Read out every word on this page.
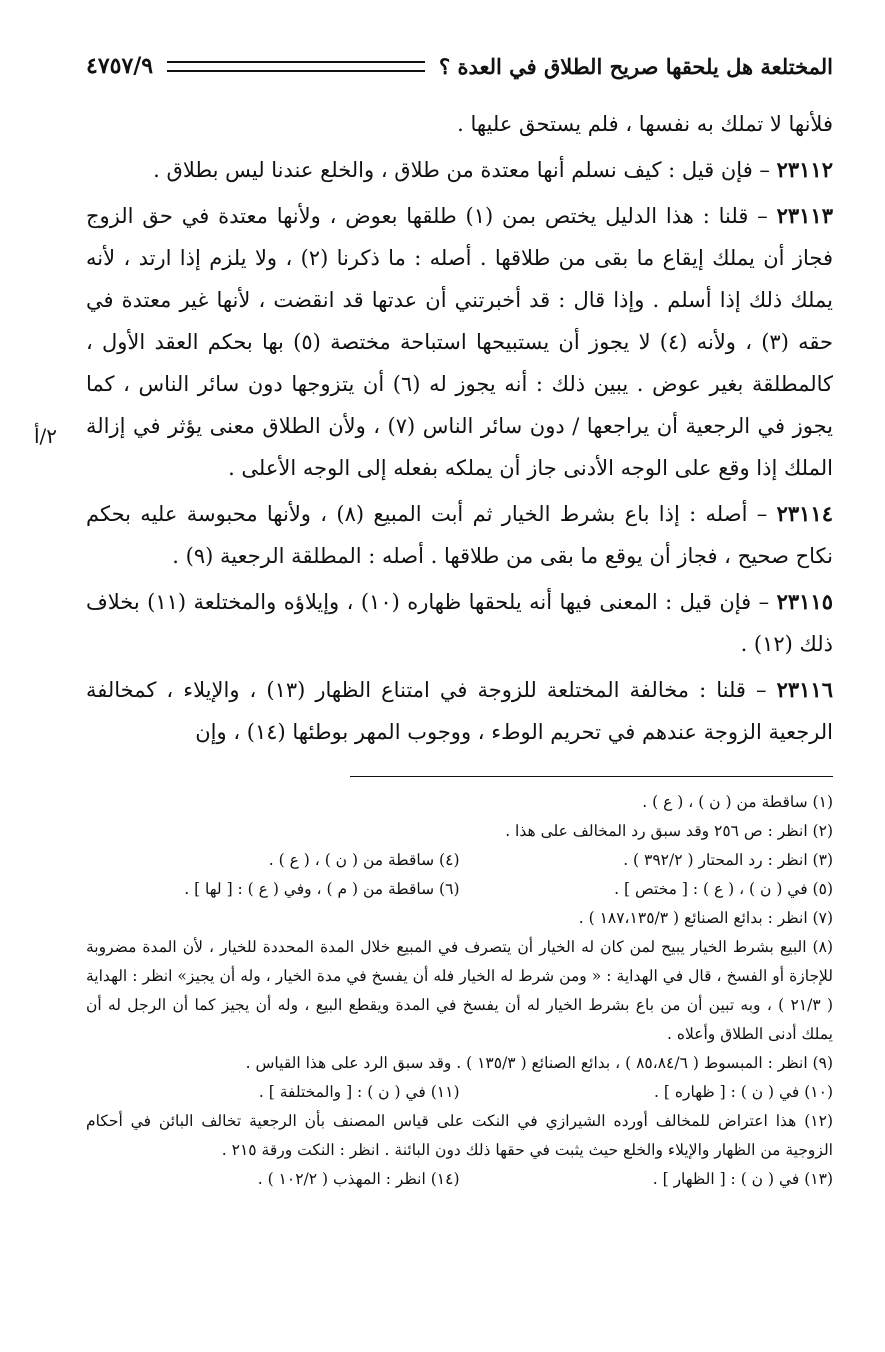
المختلعة هل يلحقها صريح الطلاق في العدة ؟
٤٧٥٧/٩
٢/أ

فلأنها لا تملك به نفسها ، فلم يستحق عليها .

٢٣١١٢ – فإن قيل : كيف نسلم أنها معتدة من طلاق ، والخلع عندنا ليس بطلاق .

٢٣١١٣ – قلنا : هذا الدليل يختص بمن (١) طلقها بعوض ، ولأنها معتدة في حق الزوج فجاز أن يملك إيقاع ما بقى من طلاقها . أصله : ما ذكرنا (٢) ، ولا يلزم إذا ارتد ، لأنه يملك ذلك إذا أسلم . وإذا قال : قد أخبرتني أن عدتها قد انقضت ، لأنها غير معتدة في حقه (٣) ، ولأنه (٤) لا يجوز أن يستبيحها استباحة مختصة (٥) بها بحكم العقد الأول ، كالمطلقة بغير عوض . يبين ذلك : أنه يجوز له (٦) أن يتزوجها دون سائر الناس ، كما يجوز في الرجعية أن يراجعها / دون سائر الناس (٧) ، ولأن الطلاق معنى يؤثر في إزالة الملك إذا وقع على الوجه الأدنى جاز أن يملكه بفعله إلى الوجه الأعلى .

٢٣١١٤ – أصله : إذا باع بشرط الخيار ثم أبت المبيع (٨) ، ولأنها محبوسة عليه بحكم نكاح صحيح ، فجاز أن يوقع ما بقى من طلاقها . أصله : المطلقة الرجعية (٩) .

٢٣١١٥ – فإن قيل : المعنى فيها أنه يلحقها ظهاره (١٠) ، وإيلاؤه والمختلعة (١١) بخلاف ذلك (١٢) .

٢٣١١٦ – قلنا : مخالفة المختلعة للزوجة في امتناع الظهار (١٣) ، والإيلاء ، كمخالفة الرجعية الزوجة عندهم في تحريم الوطء ، ووجوب المهر بوطئها (١٤) ، وإن

(١) ساقطة من ( ن ) ، ( ع ) .
(٢) انظر : ص ٢٥٦ وقد سبق رد المخالف على هذا .
(٣) انظر : رد المحتار ( ٣٩٢/٢ ) .
(٤) ساقطة من ( ن ) ، ( ع ) .
(٥) في ( ن ) ، ( ع ) : [ مختص ] .
(٦) ساقطة من ( م ) ، وفي ( ع ) : [ لها ] .
(٧) انظر : بدائع الصنائع ( ١٨٧،١٣٥/٣ ) .
(٨) البيع بشرط الخيار يبيح لمن كان له الخيار أن يتصرف في المبيع خلال المدة المحددة للخيار ، لأن المدة مضروبة للإجازة أو الفسخ ، قال في الهداية : « ومن شرط له الخيار فله أن يفسخ في مدة الخيار ، وله أن يجيز» انظر : الهداية ( ٢١/٣ ) ، وبه تبين أن من باع بشرط الخيار له أن يفسخ في المدة ويقطع البيع ، وله أن يجيز كما أن الرجل له أن يملك أدنى الطلاق وأعلاه .
(٩) انظر : المبسوط ( ٨٥،٨٤/٦ ) ، بدائع الصنائع ( ١٣٥/٣ ) . وقد سبق الرد على هذا القياس .
(١٠) في ( ن ) : [ ظهاره ] .
(١١) في ( ن ) : [ والمختلفة ] .
(١٢) هذا اعتراض للمخالف أورده الشيرازي في النكت على قياس المصنف بأن الرجعية تخالف البائن في أحكام الزوجية من الظهار والإيلاء والخلع حيث يثبت في حقها ذلك دون البائنة . انظر : النكت ورقة ٢١٥ .
(١٣) في ( ن ) : [ الظهار ] .
(١٤) انظر : المهذب ( ١٠٢/٢ ) .
